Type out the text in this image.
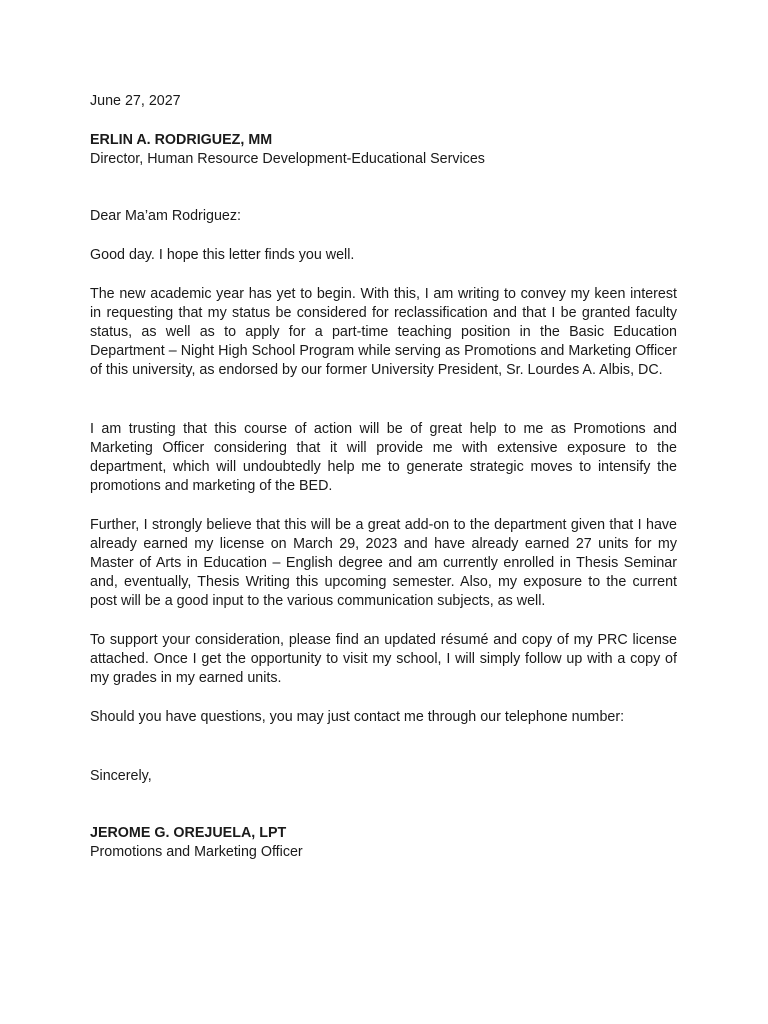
June 27, 2027
ERLIN A. RODRIGUEZ, MM
Director, Human Resource Development-Educational Services
Dear Ma’am Rodriguez:

Good day. I hope this letter finds you well.

The new academic year has yet to begin. With this, I am writing to convey my keen interest in requesting that my status be considered for reclassification and that I be granted faculty status, as well as to apply for a part-time teaching position in the Basic Education Department – Night High School Program while serving as Promotions and Marketing Officer of this university, as endorsed by our former University President, Sr. Lourdes A. Albis, DC.

I am trusting that this course of action will be of great help to me as Promotions and Marketing Officer considering that it will provide me with extensive exposure to the department, which will undoubtedly help me to generate strategic moves to intensify the promotions and marketing of the BED.

Further, I strongly believe that this will be a great add-on to the department given that I have already earned my license on March 29, 2023 and have already earned 27 units for my Master of Arts in Education – English degree and am currently enrolled in Thesis Seminar and, eventually, Thesis Writing this upcoming semester. Also, my exposure to the current post will be a good input to the various communication subjects, as well.

To support your consideration, please find an updated résumé and copy of my PRC license attached. Once I get the opportunity to visit my school, I will simply follow up with a copy of my grades in my earned units.

Should you have questions, you may just contact me through our telephone number:

Sincerely,
JEROME G. OREJUELA, LPT
Promotions and Marketing Officer
